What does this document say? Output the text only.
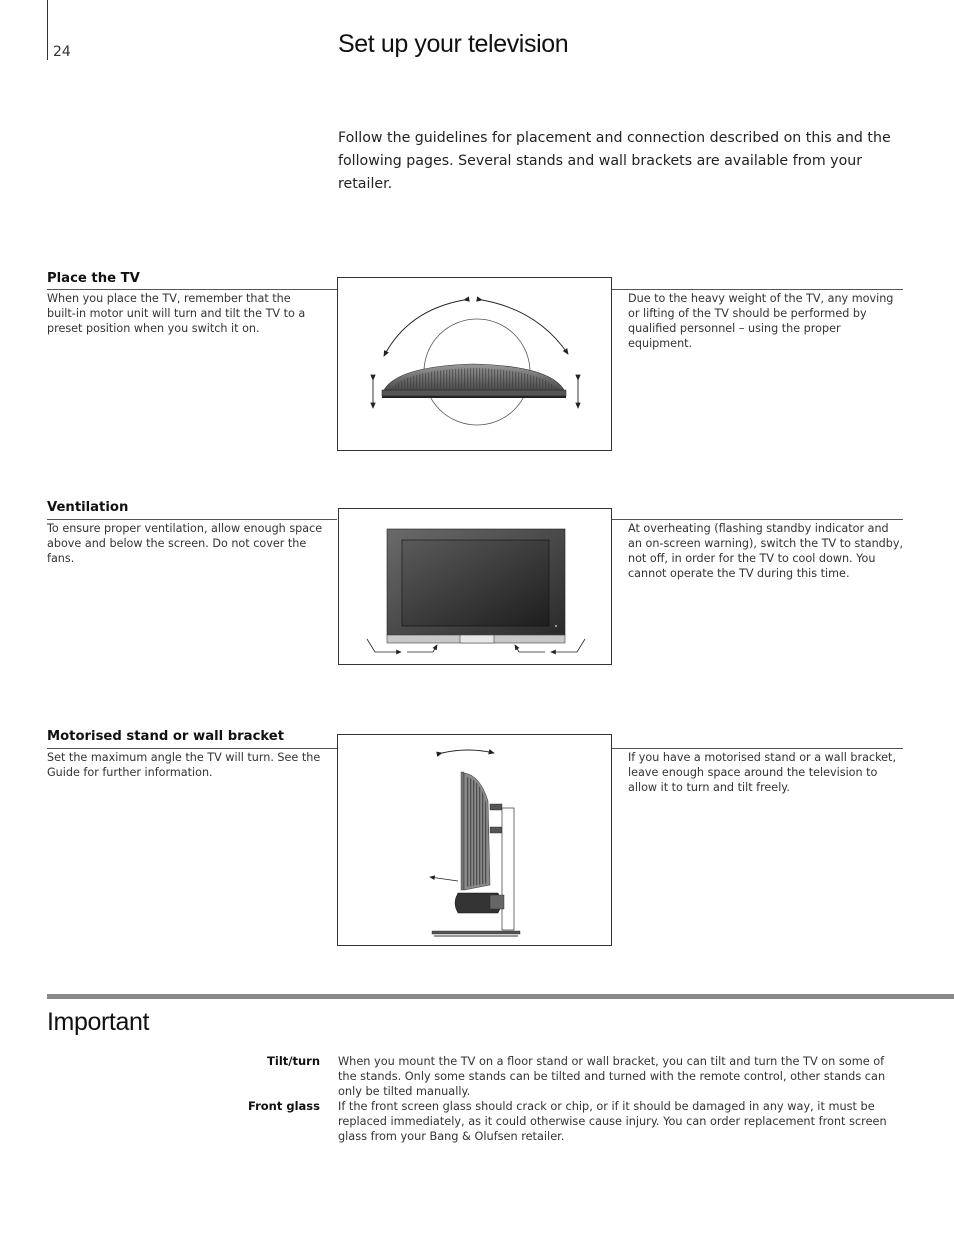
24	Set up your television
Follow the guidelines for placement and connection described on this and the following pages. Several stands and wall brackets are available from your retailer.
Place the TV
When you place the TV, remember that the built-in motor unit will turn and tilt the TV to a preset position when you switch it on.
Due to the heavy weight of the TV, any moving or lifting of the TV should be performed by qualified personnel – using the proper equipment.
Ventilation
To ensure proper ventilation, allow enough space above and below the screen. Do not cover the fans.
At overheating (flashing standby indicator and an on-screen warning), switch the TV to standby, not off, in order for the TV to cool down. You cannot operate the TV during this time.
Motorised stand or wall bracket
Set the maximum angle the TV will turn. See the Guide for further information.
If you have a motorised stand or a wall bracket, leave enough space around the television to allow it to turn and tilt freely.
Important
Tilt/turn When you mount the TV on a floor stand or wall bracket, you can tilt and turn the TV on some of the stands. Only some stands can be tilted and turned with the remote control, other stands can only be tilted manually.
Front glass If the front screen glass should crack or chip, or if it should be damaged in any way, it must be replaced immediately, as it could otherwise cause injury. You can order replacement front screen glass from your Bang & Olufsen retailer.
